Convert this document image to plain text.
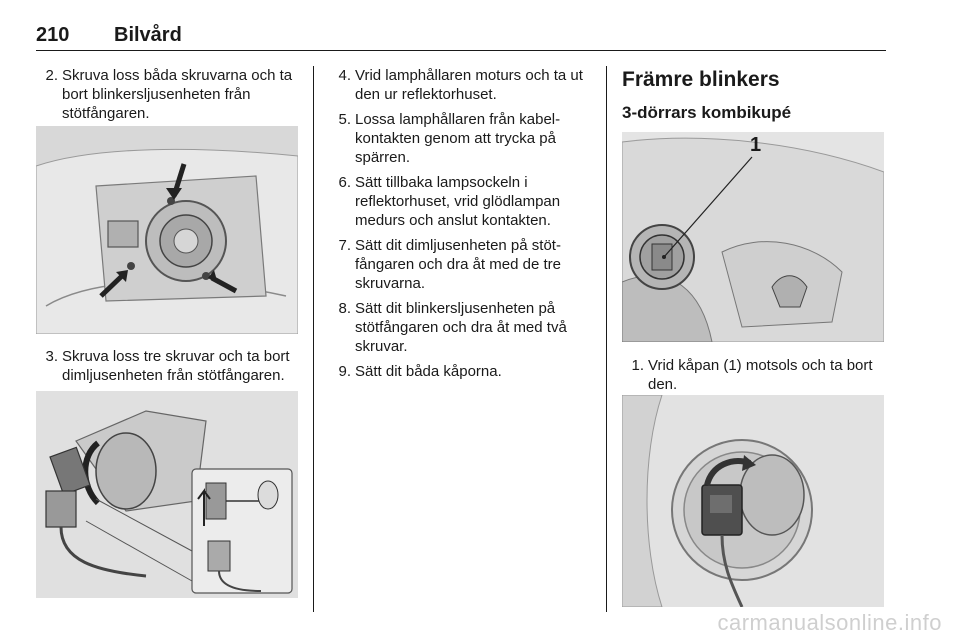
210 Bilvård
2. Skruva loss båda skruvarna och ta bort blinkersljusenheten från stötfångaren.
3. Skruva loss tre skruvar och ta bort dimljusenheten från stötfångaren.
4. Vrid lamphållaren moturs och ta ut den ur reflektorhuset.
5. Lossa lamphållaren från kabel-kontakten genom att trycka på spärren.
6. Sätt tillbaka lampsockeln i reflektorhuset, vrid glödlampan medurs och anslut kontakten.
7. Sätt dit dimljusenheten på stöt-fångaren och dra åt med de tre skruvarna.
8. Sätt dit blinkersljusenheten på stötfångaren och dra åt med två skruvar.
9. Sätt dit båda kåporna.
Främre blinkers
3-dörrars kombikupé
1
1. Vrid kåpan (1) motsols och ta bort den.
carmanualsonline.info
